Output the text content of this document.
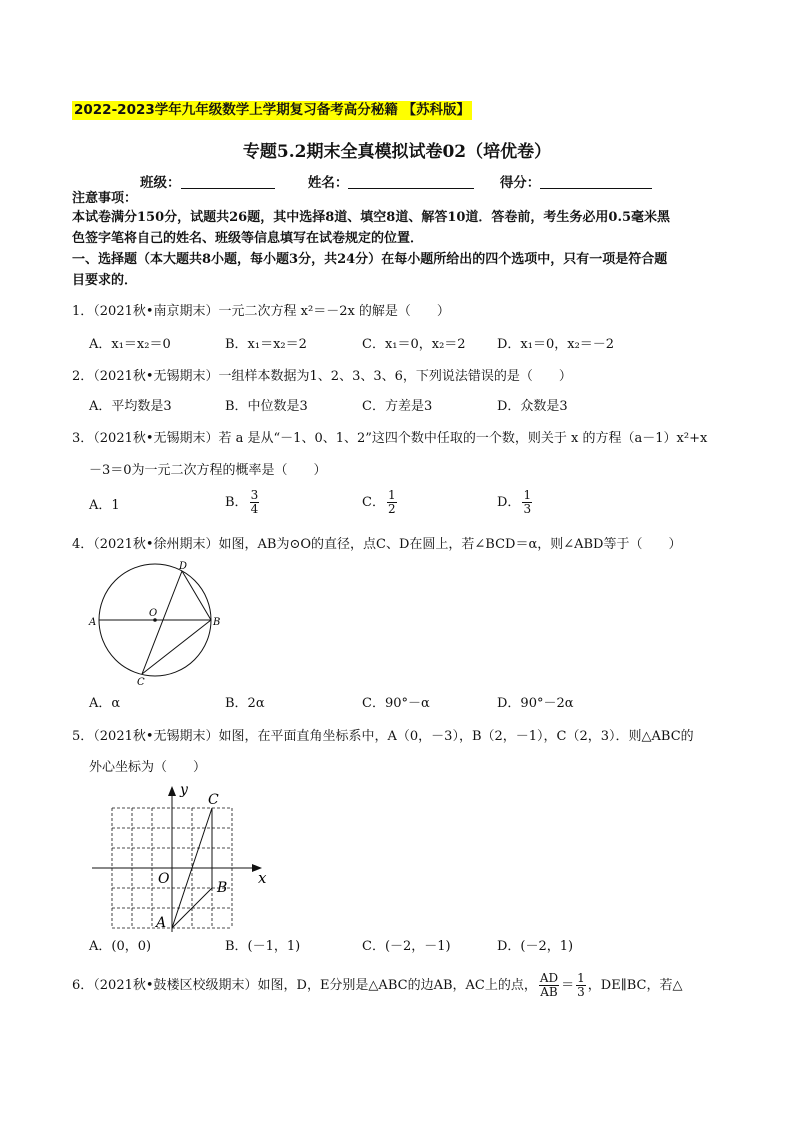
2022-2023学年九年级数学上学期复习备考高分秘籍 【苏科版】
专题5.2期末全真模拟试卷02（培优卷）
班级：	姓名：	得分：
注意事项：
本试卷满分150分，试题共26题，其中选择8道、填空8道、解答10道．答卷前，考生务必用0.5毫米黑
色签字笔将自己的姓名、班级等信息填写在试卷规定的位置．
一、选择题（本大题共8小题，每小题3分，共24分）在每小题所给出的四个选项中，只有一项是符合题
目要求的．
1．（2021秋•南京期末）一元二次方程 x²＝－2x 的解是（　　）
A．x₁＝x₂＝0	B．x₁＝x₂＝2	C．x₁＝0，x₂＝2 D．x₁＝0，x₂＝－2
2．（2021秋•无锡期末）一组样本数据为1、2、3、3、6，下列说法错误的是（　　）
A．平均数是3	B．中位数是3	C．方差是3	D．众数是3
3．（2021秋•无锡期末）若 a 是从“－1、0、1、2”这四个数中任取的一个数，则关于 x 的方程（a－1）x²+x
－3＝0为一元二次方程的概率是（　　）
A．1	B． $\frac{3}{4}$	C． $\frac{1}{2}$	D． $\frac{1}{3}$
4．（2021秋•徐州期末）如图，AB为⊙O的直径，点C、D在圆上，若∠BCD＝α，则∠ABD等于（　　）
A	B
D
C
O
A．α	B．2α	C．90°－α	D．90°－2α
5．（2021秋•无锡期末）如图，在平面直角坐标系中，A（0，－3），B（2，－1），C（2，3）．则△ABC的
外心坐标为（　　）
x
y
O
A
B
C
A．(0，0)	B．(－1，1)	C．(－2，－1)	D．(－2，1)
6．（2021秋•鼓楼区校级期末）如图，D，E分别是△ABC的边AB，AC上的点， $\frac{AD}{AB} = \frac{1}{3}$ ，DE∥BC，若△
